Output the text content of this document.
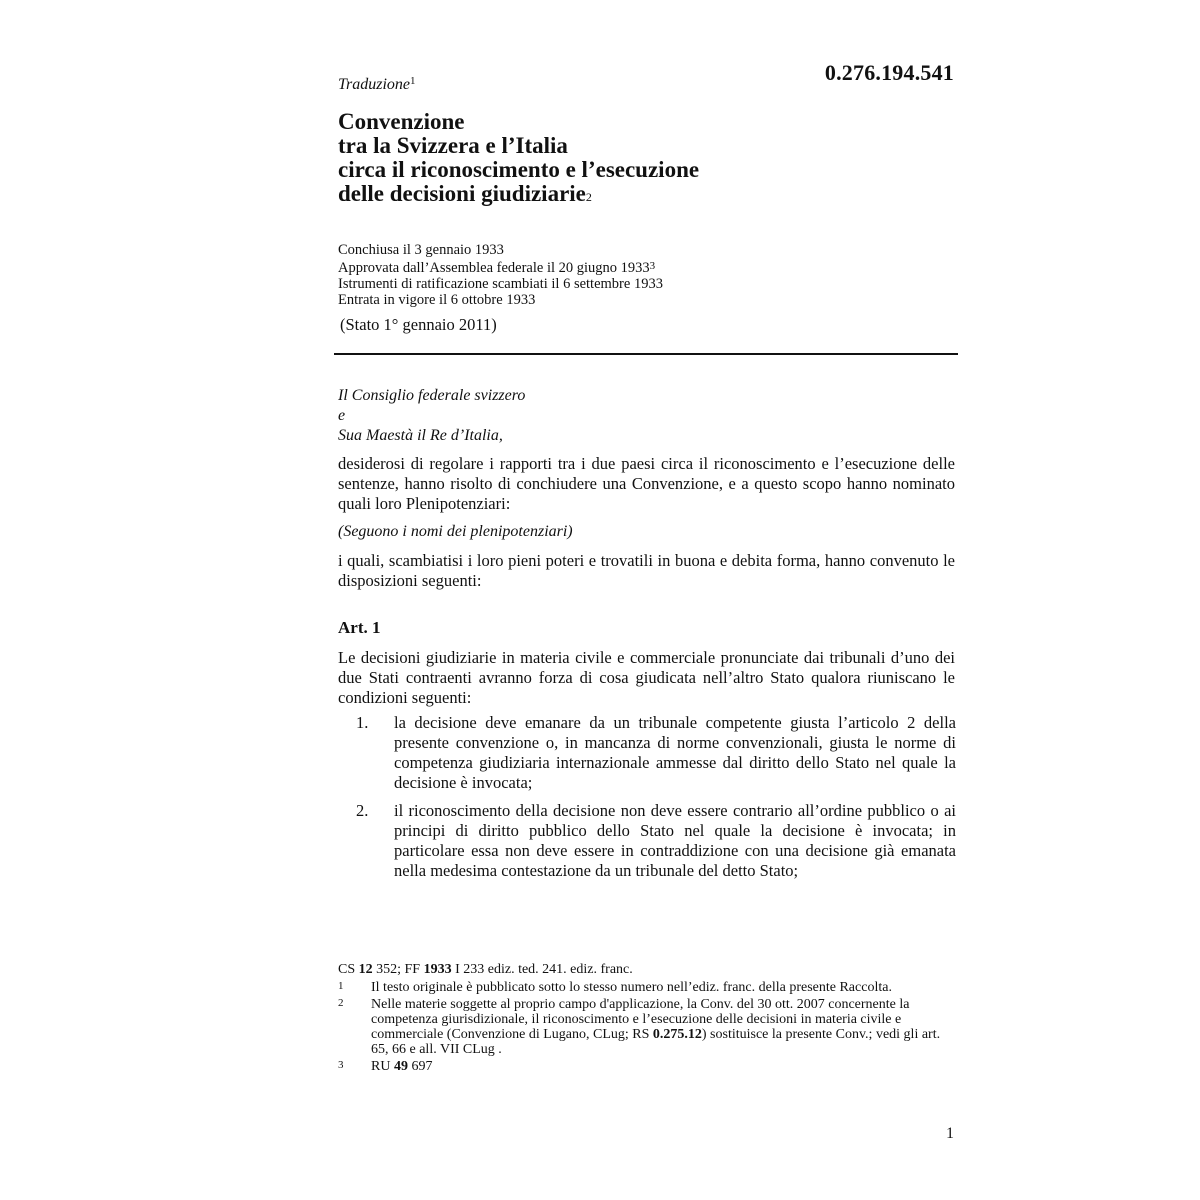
Traduzione$^1$	0.276.194.541
Convenzione
tra la Svizzera e l’Italia
circa il riconoscimento e l’esecuzione
delle decisioni giudiziarie2
Conchiusa il 3 gennaio 1933
Approvata dall’Assemblea federale il 20 giugno 1933$^3$
Istrumenti di ratificazione scambiati il 6 settembre 1933
Entrata in vigore il 6 ottobre 1933
(Stato 1° gennaio 2011)
Il Consiglio federale svizzero
e
Sua Maestà il Re d’Italia,
desiderosi di regolare i rapporti tra i due paesi circa il riconoscimento e l’esecuzione delle sentenze, hanno risolto di conchiudere una Convenzione, e a questo scopo hanno nominato quali loro Plenipotenziari:
(Seguono i nomi dei plenipotenziari)
i quali, scambiatisi i loro pieni poteri e trovatili in buona e debita forma, hanno convenuto le disposizioni seguenti:
Art. 1
Le decisioni giudiziarie in materia civile e commerciale pronunciate dai tribunali d’uno dei due Stati contraenti avranno forza di cosa giudicata nell’altro Stato qualora riuniscano le condizioni seguenti:
1.	la decisione deve emanare da un tribunale competente giusta l’articolo 2 della presente convenzione o, in mancanza di norme convenzionali, giusta le norme di competenza giudiziaria internazionale ammesse dal diritto dello Stato nel quale la decisione è invocata;
2.	il riconoscimento della decisione non deve essere contrario all’ordine pubblico o ai principi di diritto pubblico dello Stato nel quale la decisione è invocata; in particolare essa non deve essere in contraddizione con una decisione già emanata nella medesima contestazione da un tribunale del detto Stato;
CS 12 352; FF 1933 I 233 ediz. ted. 241. ediz. franc.
1	Il testo originale è pubblicato sotto lo stesso numero nell’ediz. franc. della presente Raccolta.
2	Nelle materie soggette al proprio campo d'applicazione, la Conv. del 30 ott. 2007 concernente la competenza giurisdizionale, il riconoscimento e l’esecuzione delle decisioni in materia civile e commerciale (Convenzione di Lugano, CLug; RS 0.275.12) sostituisce la presente Conv.; vedi gli art. 65, 66 e all. VII CLug .
3	RU 49 697
1
